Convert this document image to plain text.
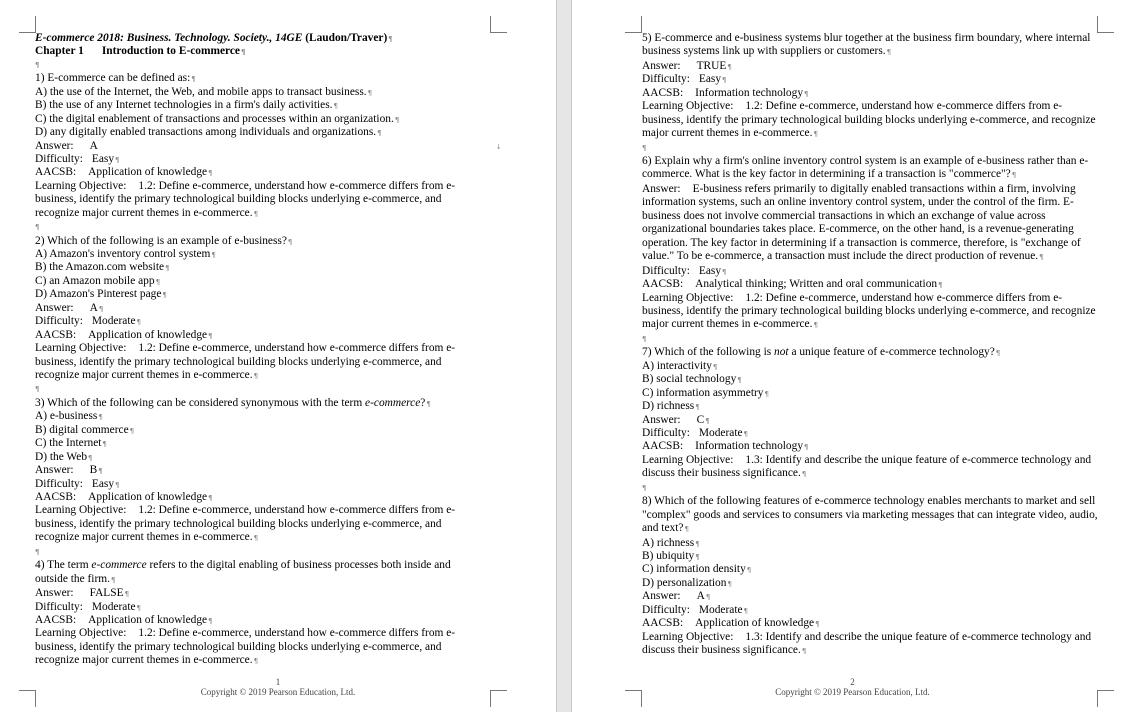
E-commerce 2018: Business. Technology. Society., 14GE (Laudon/Traver)¶
Chapter 1 Introduction to E-commerce¶
¶
1) E-commerce can be defined as:¶
A) the use of the Internet, the Web, and mobile apps to transact business.¶
B) the use of any Internet technologies in a firm's daily activities.¶
C) the digital enablement of transactions and processes within an organization.¶
D) any digitally enabled transactions among individuals and organizations.¶
Answer: A	↓
Difficulty: Easy¶
AACSB: Application of knowledge¶
Learning Objective: 1.2: Define e-commerce, understand how e-commerce differs from e-business, identify the primary technological building blocks underlying e-commerce, and recognize major current themes in e-commerce.¶
¶
2) Which of the following is an example of e-business?¶
A) Amazon's inventory control system¶
B) the Amazon.com website¶
C) an Amazon mobile app¶
D) Amazon's Pinterest page¶
Answer: A¶
Difficulty: Moderate¶
AACSB: Application of knowledge¶
Learning Objective: 1.2: Define e-commerce, understand how e-commerce differs from e-business, identify the primary technological building blocks underlying e-commerce, and recognize major current themes in e-commerce.¶
¶
3) Which of the following can be considered synonymous with the term e-commerce?¶
A) e-business¶
B) digital commerce¶
C) the Internet¶
D) the Web¶
Answer: B¶
Difficulty: Easy¶
AACSB: Application of knowledge¶
Learning Objective: 1.2: Define e-commerce, understand how e-commerce differs from e-business, identify the primary technological building blocks underlying e-commerce, and recognize major current themes in e-commerce.¶
¶
4) The term e-commerce refers to the digital enabling of business processes both inside and outside the firm.¶
Answer: FALSE¶
Difficulty: Moderate¶
AACSB: Application of knowledge¶
Learning Objective: 1.2: Define e-commerce, understand how e-commerce differs from e-business, identify the primary technological building blocks underlying e-commerce, and recognize major current themes in e-commerce.¶
1
Copyright © 2019 Pearson Education, Ltd.
5) E-commerce and e-business systems blur together at the business firm boundary, where internal business systems link up with suppliers or customers.¶
Answer: TRUE¶
Difficulty: Easy¶
AACSB: Information technology¶
Learning Objective: 1.2: Define e-commerce, understand how e-commerce differs from e-business, identify the primary technological building blocks underlying e-commerce, and recognize major current themes in e-commerce.¶
¶
6) Explain why a firm's online inventory control system is an example of e-business rather than e-commerce. What is the key factor in determining if a transaction is "commerce"?¶
Answer: E-business refers primarily to digitally enabled transactions within a firm, involving information systems, such an online inventory control system, under the control of the firm. E-business does not involve commercial transactions in which an exchange of value across organizational boundaries takes place. E-commerce, on the other hand, is a revenue-generating operation. The key factor in determining if a transaction is commerce, therefore, is "exchange of value." To be e-commerce, a transaction must include the direct production of revenue.¶
Difficulty: Easy¶
AACSB: Analytical thinking; Written and oral communication¶
Learning Objective: 1.2: Define e-commerce, understand how e-commerce differs from e-business, identify the primary technological building blocks underlying e-commerce, and recognize major current themes in e-commerce.¶
¶
7) Which of the following is not a unique feature of e-commerce technology?¶
A) interactivity¶
B) social technology¶
C) information asymmetry¶
D) richness¶
Answer: C¶
Difficulty: Moderate¶
AACSB: Information technology¶
Learning Objective: 1.3: Identify and describe the unique feature of e-commerce technology and discuss their business significance.¶
¶
8) Which of the following features of e-commerce technology enables merchants to market and sell "complex" goods and services to consumers via marketing messages that can integrate video, audio, and text?¶
A) richness¶
B) ubiquity¶
C) information density¶
D) personalization¶
Answer: A¶
Difficulty: Moderate¶
AACSB: Application of knowledge¶
Learning Objective: 1.3: Identify and describe the unique feature of e-commerce technology and discuss their business significance.¶
2
Copyright © 2019 Pearson Education, Ltd.
